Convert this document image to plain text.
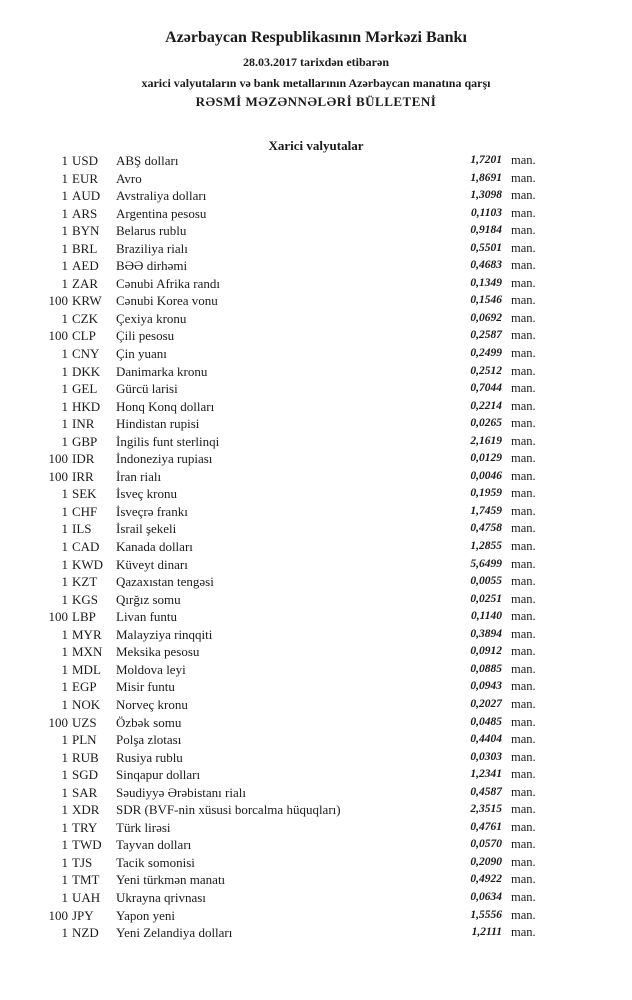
Azərbaycan Respublikasının Mərkəzi Bankı
28.03.2017 tarixdən etibarən
xarici valyutaların və bank metallarının Azərbaycan manatına qarşı
RƏSMİ MƏZƏNNƏLƏRİ BÜLLETENİ
Xarici valyutalar
1 USD	ABŞ dolları	1,7201 man.
1 EUR	Avro	1,8691 man.
1 AUD	Avstraliya dolları	1,3098 man.
1 ARS	Argentina pesosu	0,1103 man.
1 BYN	Belarus rublu	0,9184 man.
1 BRL	Braziliya rialı	0,5501 man.
1 AED	BƏƏ dirhəmi	0,4683 man.
1 ZAR	Cənubi Afrika randı	0,1349 man.
100 KRW	Cənubi Korea vonu	0,1546 man.
1 CZK	Çexiya kronu	0,0692 man.
100 CLP	Çili pesosu	0,2587 man.
1 CNY	Çin yuanı	0,2499 man.
1 DKK	Danimarka kronu	0,2512 man.
1 GEL	Gürcü larisi	0,7044 man.
1 HKD	Honq Konq dolları	0,2214 man.
1 INR	Hindistan rupisi	0,0265 man.
1 GBP	İngilis funt sterlinqi	2,1619 man.
100 IDR	İndoneziya rupiası	0,0129 man.
100 IRR	İran rialı	0,0046 man.
1 SEK	İsveç kronu	0,1959 man.
1 CHF	İsveçrə frankı	1,7459 man.
1 ILS	İsrail şekeli	0,4758 man.
1 CAD	Kanada dolları	1,2855 man.
1 KWD Küveyt dinarı	5,6499 man.
1 KZT	Qazaxıstan tengəsi	0,0055 man.
1 KGS	Qırğız somu	0,0251 man.
100 LBP	Livan funtu	0,1140 man.
1 MYR	Malayziya rinqqiti	0,3894 man.
1 MXN	Meksika pesosu	0,0912 man.
1 MDL	Moldova leyi	0,0885 man.
1 EGP	Misir funtu	0,0943 man.
1 NOK	Norveç kronu	0,2027 man.
100 UZS	Özbək somu	0,0485 man.
1 PLN	Polşa zlotası	0,4404 man.
1 RUB	Rusiya rublu	0,0303 man.
1 SGD	Sinqapur dolları	1,2341 man.
1 SAR	Səudiyyə Ərəbistanı rialı	0,4587 man.
1 XDR	SDR (BVF-nin xüsusi borcalma hüquqları)	2,3515 man.
1 TRY	Türk lirəsi	0,4761 man.
1 TWD	Tayvan dolları	0,0570 man.
1 TJS	Tacik somonisi	0,2090 man.
1 TMT	Yeni türkmən manatı	0,4922 man.
1 UAH	Ukrayna qrivnası	0,0634 man.
100 JPY	Yapon yeni	1,5556 man.
1 NZD	Yeni Zelandiya dolları	1,2111 man.
